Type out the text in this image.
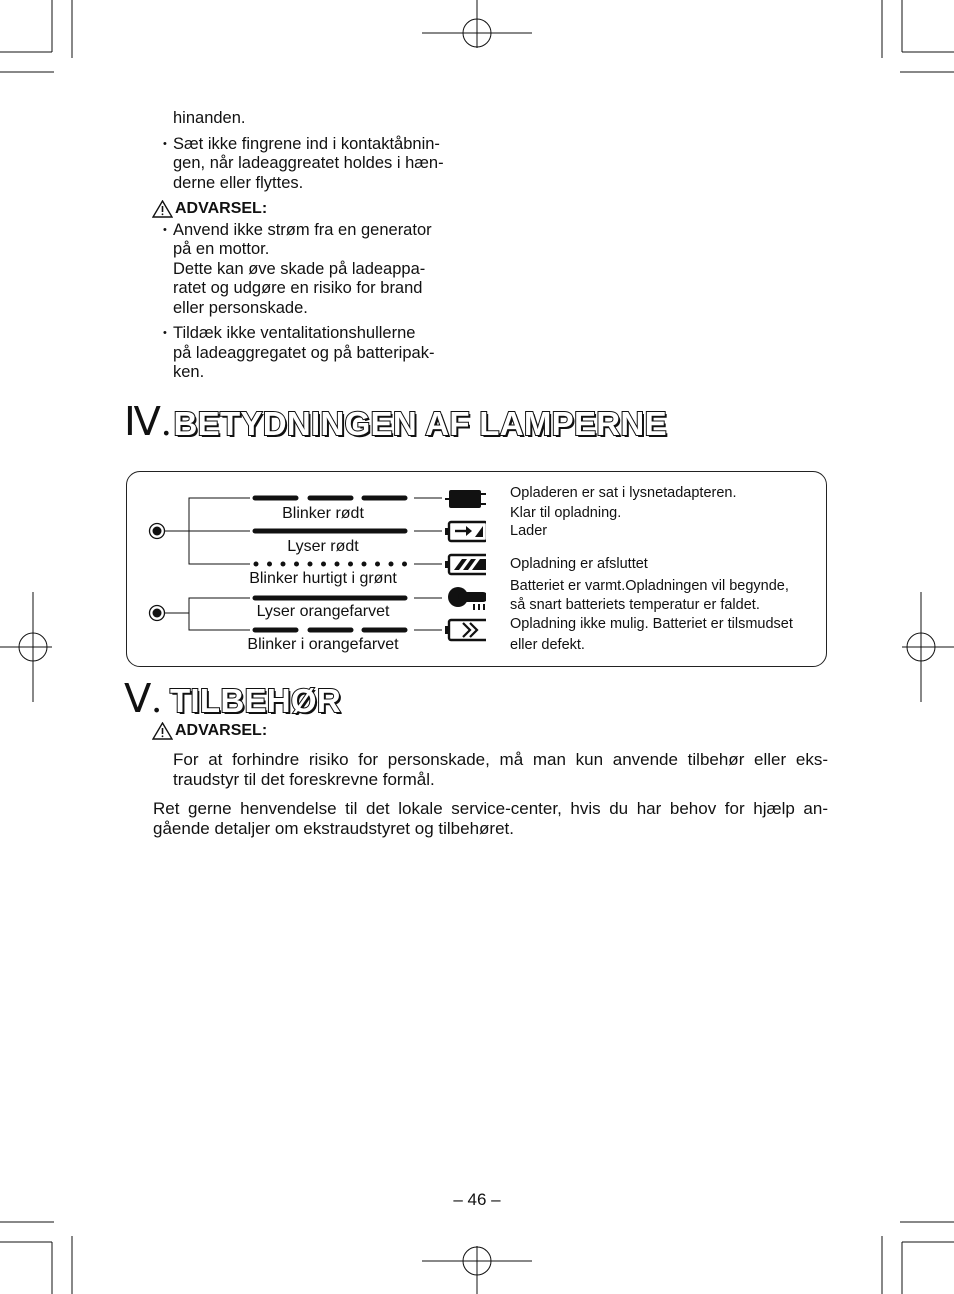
hinanden.

• Sæt ikke fingrene ind i kontaktåbnin-
gen, når ladeaggreatet holdes i hæn-
derne eller flyttes.
ADVARSEL:
• Anvend ikke strøm fra en generator
på en mottor.
Dette kan øve skade på ladeappa-
ratet og udgøre en risiko for brand
eller personskade.
• Tildæk ikke ventalitationshullerne
på ladeaggregatet og på batteripak-
ken.
Ⅳ.BETYDNINGEN AF LAMPERNE
Blinker rødt
Lyser rødt
Blinker hurtigt i grønt
Lyser orangefarvet
Blinker i orangefarvet
Opladeren er sat i lysnetadapteren.
Klar til opladning.
Lader
Opladning er afsluttet
Batteriet er varmt.Opladningen vil begynde,
så snart batteriets temperatur er faldet.
Opladning ikke mulig. Batteriet er tilsmudset
eller defekt.
Ⅴ. TILBEHØR
ADVARSEL:
For at forhindre risiko for personskade, må man kun anvende tilbehør eller eks-
traudstyr til det foreskrevne formål.
Ret gerne henvendelse til det lokale service-center, hvis du har behov for hjælp an-
gående detaljer om ekstraudstyret og tilbehøret.
– 46 –
